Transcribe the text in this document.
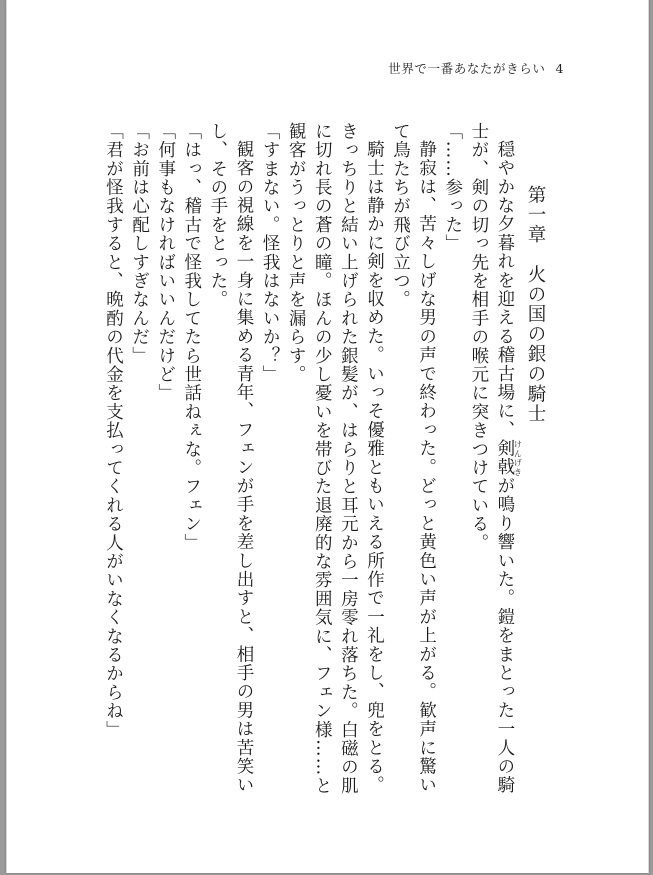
世界で一番あなたがきらい 4

第一章　火の国の銀の騎士

穏やかな夕暮れを迎える稽古場に、剣戟けんげきが鳴り響いた。鎧をまとった一人の騎士が、剣の切っ先を相手の喉元に突きつけている。

「……参った」

静寂は、苦々しげな男の声で終わった。どっと黄色い声が上がる。歓声に驚いて鳥たちが飛び立つ。

騎士は静かに剣を収めた。いっそ優雅ともいえる所作で一礼をし、兜をとる。きっちりと結い上げられた銀髪が、はらりと耳元から一房零れ落ちた。白磁の肌に切れ長の蒼の瞳。ほんの少し憂いを帯びた退廃的な雰囲気に、フェン様……と観客がうっとりと声を漏らす。

「すまない。怪我はないか？」

観客の視線を一身に集める青年、フェンが手を差し出すと、相手の男は苦笑いし、その手をとった。

「はっ、稽古で怪我してたら世話ねぇな。フェン」

「何事もなければいいんだけど」

「お前は心配しすぎなんだ」

「君が怪我すると、晩酌の代金を支払ってくれる人がいなくなるからね」
